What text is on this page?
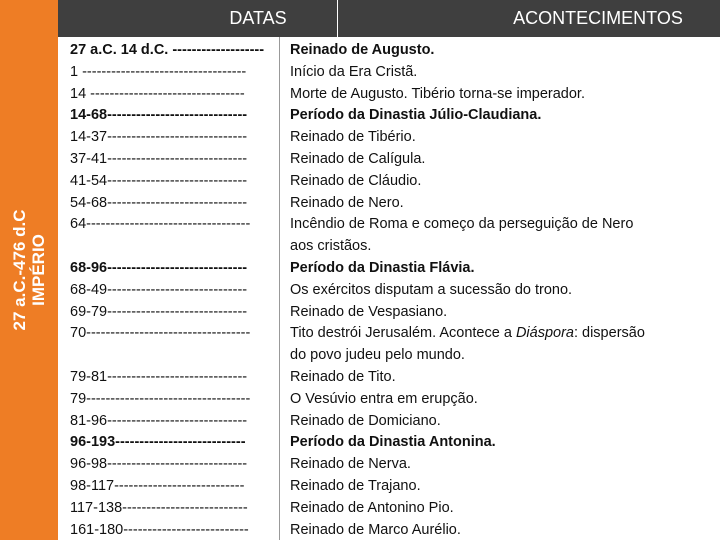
27 a.C.-476 d.C IMPÉRIO
DATAS	ACONTECIMENTOS
27 a.C. 14 d.C. -------------------
1 ----------------------------------
14 --------------------------------
14-68-----------------------------
14-37-----------------------------
37-41-----------------------------
41-54-----------------------------
54-68-----------------------------
64----------------------------------
68-96-----------------------------
68-49-----------------------------
69-79-----------------------------
70----------------------------------
79-81-----------------------------
79----------------------------------
81-96-----------------------------
96-193---------------------------
96-98-----------------------------
98-117---------------------------
117-138--------------------------
161-180--------------------------
Reinado de Augusto.
Início da Era Cristã.
Morte de Augusto. Tibério torna-se imperador.
Período da Dinastia Júlio-Claudiana.
Reinado de Tibério.
Reinado de Calígula.
Reinado de Cláudio.
Reinado de Nero.
Incêndio de Roma e começo da perseguição de Nero
aos cristãos.
Período da Dinastia Flávia.
Os exércitos disputam a sucessão do trono.
Reinado de Vespasiano.
Tito destrói Jerusalém. Acontece a Diáspora: dispersão
do povo judeu pelo mundo.
Reinado de Tito.
O Vesúvio entra em erupção.
Reinado de Domiciano.
Período da Dinastia Antonina.
Reinado de Nerva.
Reinado de Trajano.
Reinado de Antonino Pio.
Reinado de Marco Aurélio.
